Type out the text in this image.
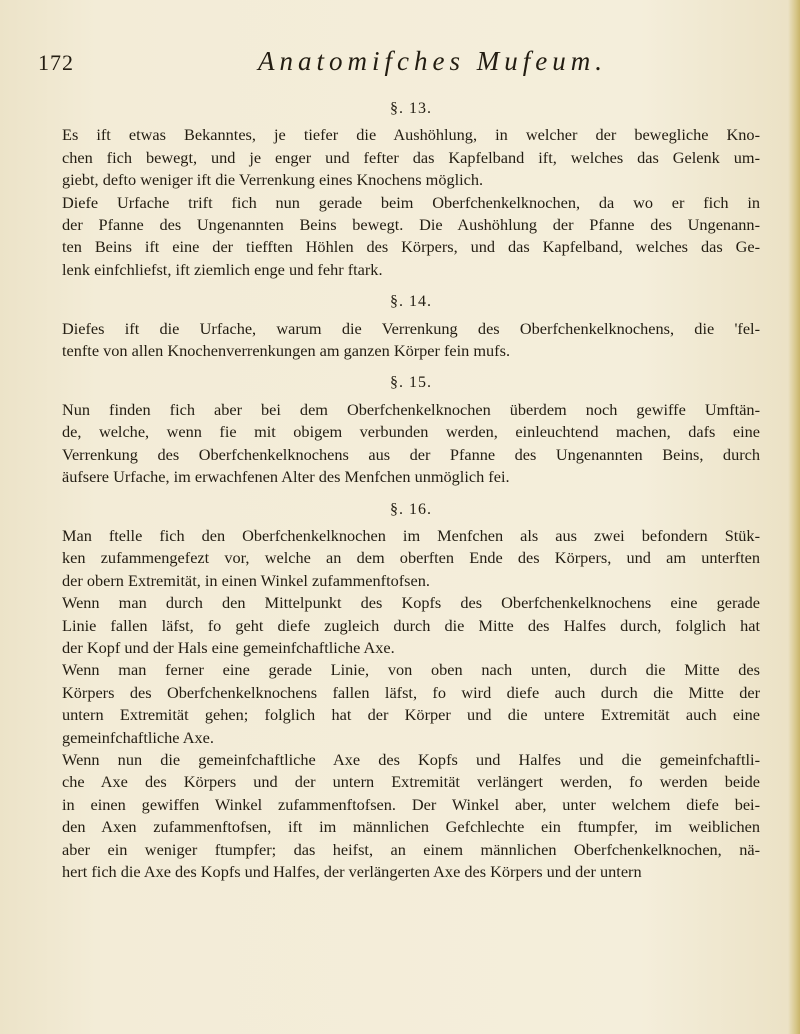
172	Anatomifches Mufeum.
§. 13.
Es ift etwas Bekanntes, je tiefer die Aushöhlung, in welcher der bewegliche Kno-
chen fich bewegt, und je enger und fefter das Kapfelband ift, welches das Gelenk um-
giebt, defto weniger ift die Verrenkung eines Knochens möglich.
Diefe Urfache trift fich nun gerade beim Oberfchenkelknochen, da wo er fich in
der Pfanne des Ungenannten Beins bewegt. Die Aushöhlung der Pfanne des Ungenann-
ten Beins ift eine der tiefften Höhlen des Körpers, und das Kapfelband, welches das Ge-
lenk einfchliefst, ift ziemlich enge und fehr ftark.
§. 14.
Diefes ift die Urfache, warum die Verrenkung des Oberfchenkelknochens, die 'fel-
tenfte von allen Knochenverrenkungen am ganzen Körper fein mufs.
§. 15.
Nun finden fich aber bei dem Oberfchenkelknochen überdem noch gewiffe Umftän-
de, welche, wenn fie mit obigem verbunden werden, einleuchtend machen, dafs eine
Verrenkung des Oberfchenkelknochens aus der Pfanne des Ungenannten Beins, durch
äufsere Urfache, im erwachfenen Alter des Menfchen unmöglich fei.
§. 16.
Man ftelle fich den Oberfchenkelknochen im Menfchen als aus zwei befondern Stük-
ken zufammengefezt vor, welche an dem oberften Ende des Körpers, und am unterften
der obern Extremität, in einen Winkel zufammenftofsen.
Wenn man durch den Mittelpunkt des Kopfs des Oberfchenkelknochens eine gerade
Linie fallen läfst, fo geht diefe zugleich durch die Mitte des Halfes durch, folglich hat
der Kopf und der Hals eine gemeinfchaftliche Axe.
Wenn man ferner eine gerade Linie, von oben nach unten, durch die Mitte des
Körpers des Oberfchenkelknochens fallen läfst, fo wird diefe auch durch die Mitte der
untern Extremität gehen; folglich hat der Körper und die untere Extremität auch eine
gemeinfchaftliche Axe.
Wenn nun die gemeinfchaftliche Axe des Kopfs und Halfes und die gemeinfchaftli-
che Axe des Körpers und der untern Extremität verlängert werden, fo werden beide
in einen gewiffen Winkel zufammenftofsen. Der Winkel aber, unter welchem diefe bei-
den Axen zufammenftofsen, ift im männlichen Gefchlechte ein ftumpfer, im weiblichen
aber ein weniger ftumpfer; das heifst, an einem männlichen Oberfchenkelknochen, nä-
hert fich die Axe des Kopfs und Halfes, der verlängerten Axe des Körpers und der untern
